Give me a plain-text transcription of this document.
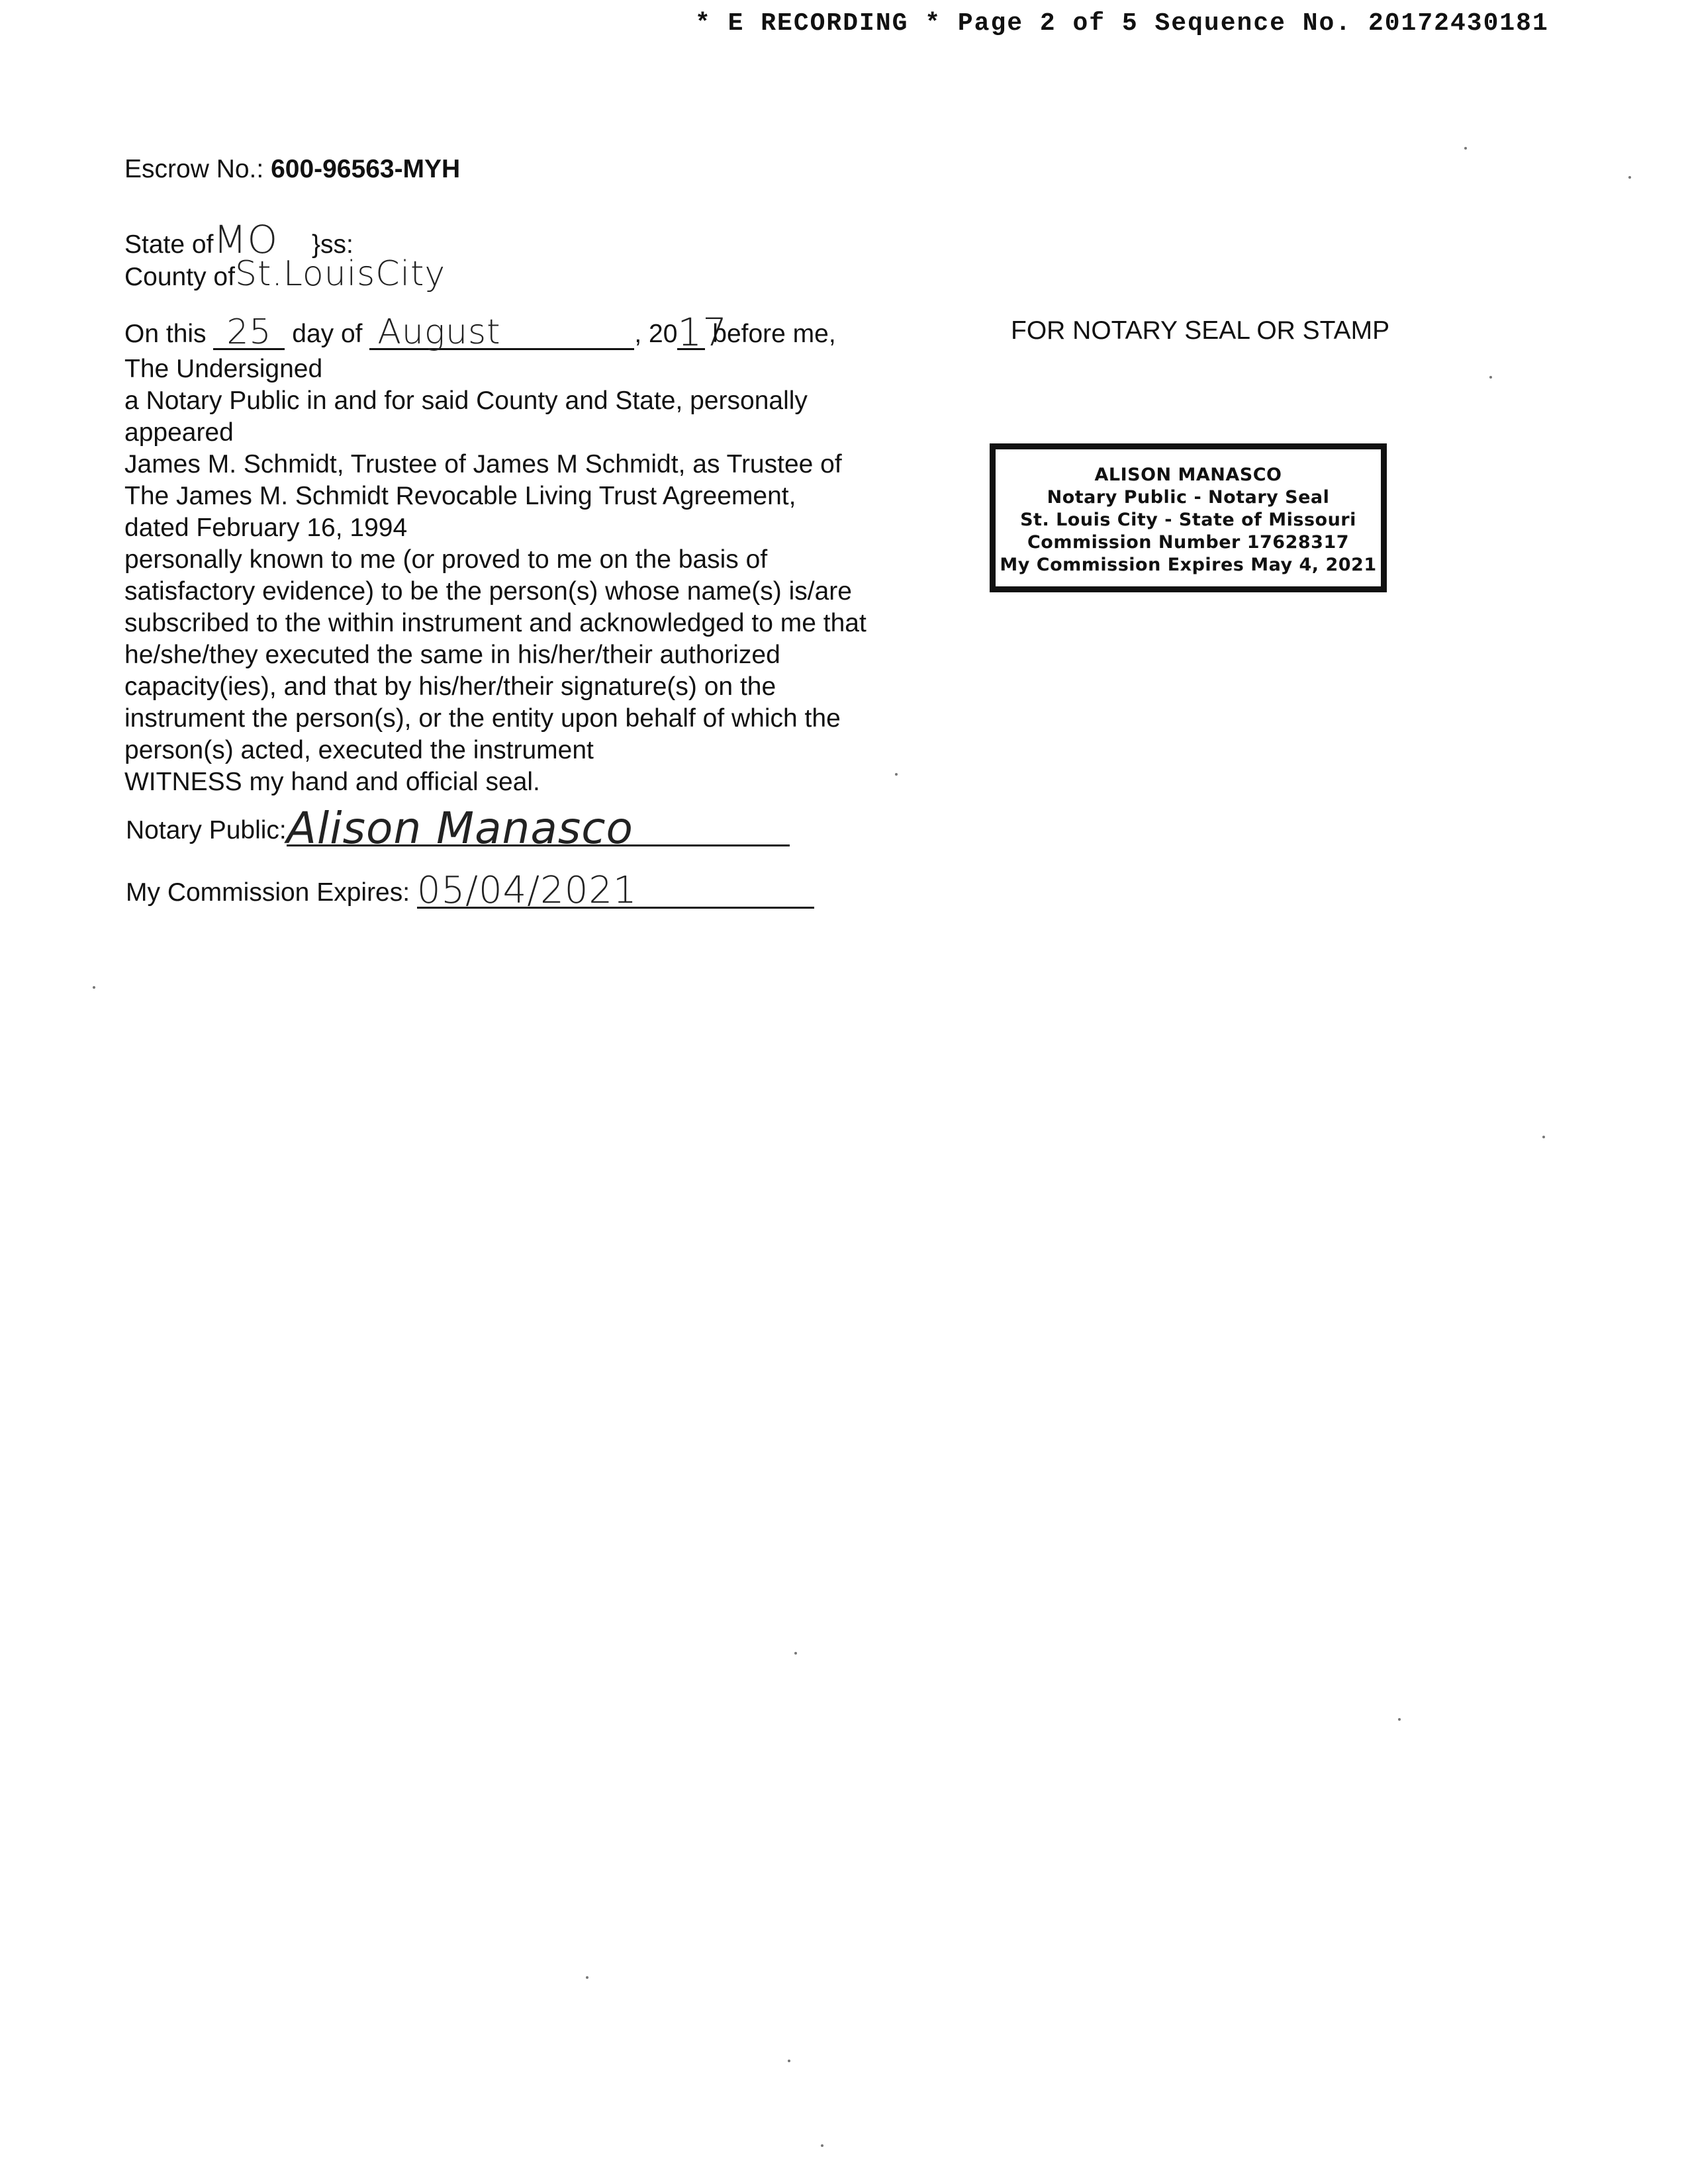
* E RECORDING * Page 2 of 5 Sequence No. 20172430181
Escrow No.: 600-96563-MYH
State ofMO }ss:
County ofSt.LouisCity
On this 25 day of August	, 2017 before me,
The Undersigned
a Notary Public in and for said County and State, personally
appeared
James M. Schmidt, Trustee of James M Schmidt, as Trustee of
The James M. Schmidt Revocable Living Trust Agreement,
dated February 16, 1994
personally known to me (or proved to me on the basis of
satisfactory evidence) to be the person(s) whose name(s) is/are
subscribed to the within instrument and acknowledged to me that
he/she/they executed the same in his/her/their authorized
capacity(ies), and that by his/her/their signature(s) on the
instrument the person(s), or the entity upon behalf of which the
person(s) acted, executed the instrument
WITNESS my hand and official seal.
Notary Public:Alison Manasco
My Commission Expires: 05/04/2021
FOR NOTARY SEAL OR STAMP
ALISON MANASCO
Notary Public - Notary Seal
St. Louis City - State of Missouri
Commission Number 17628317
My Commission Expires May 4, 2021
